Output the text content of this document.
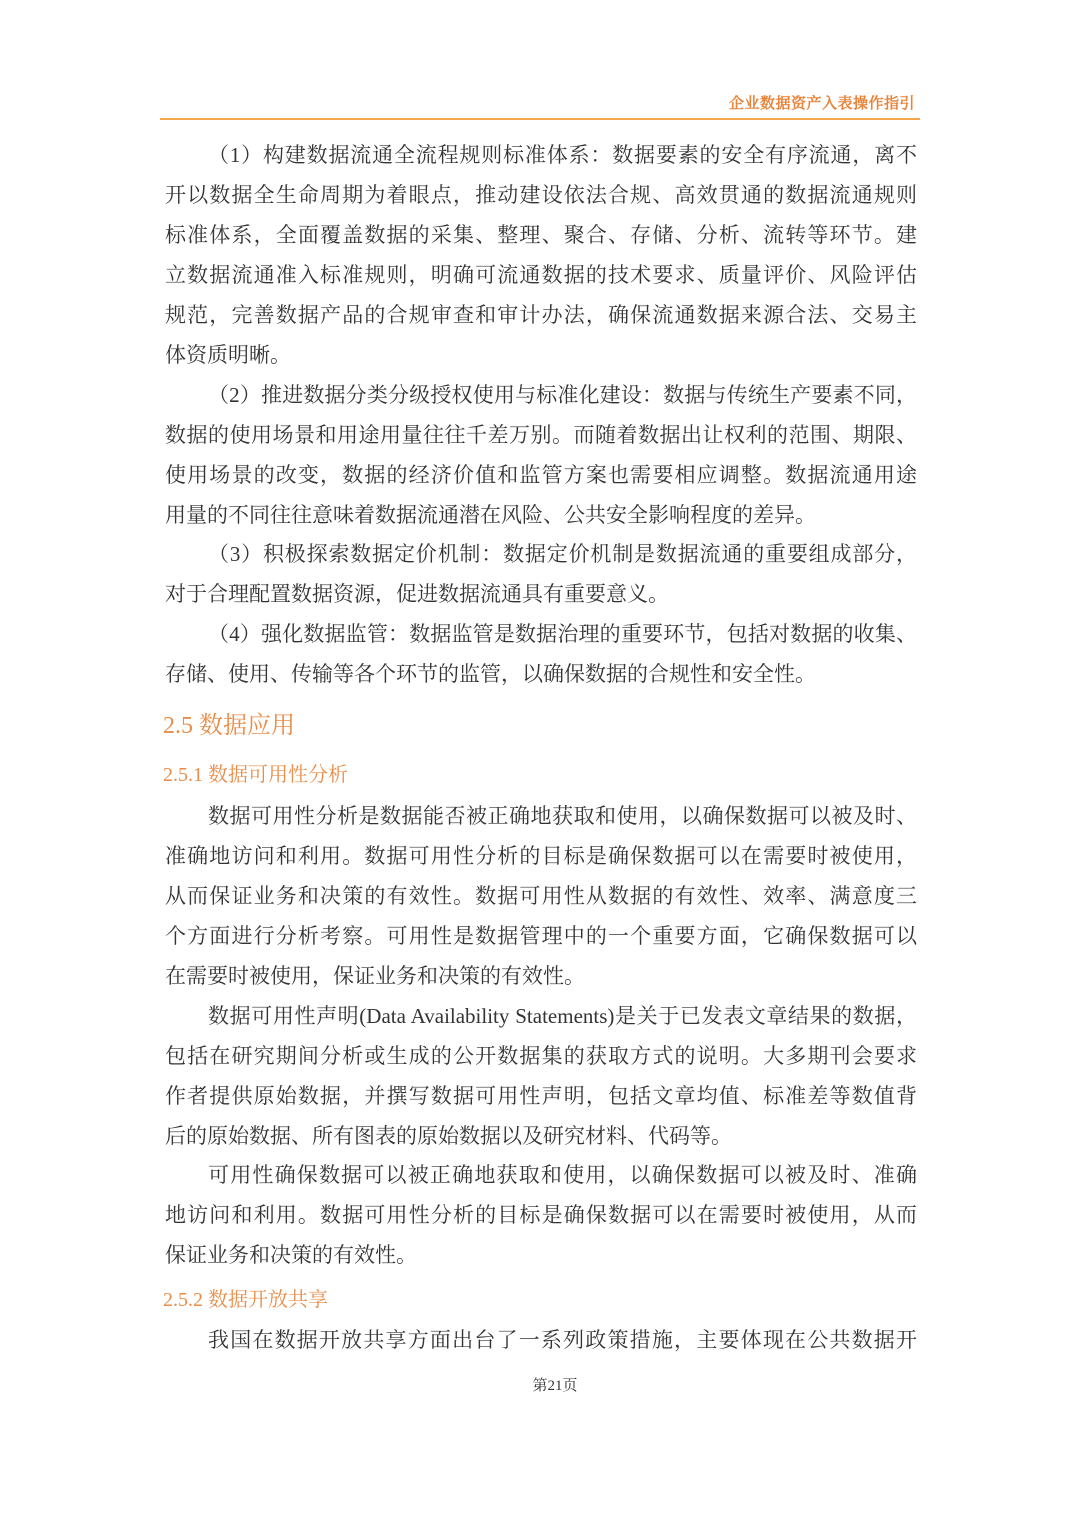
企业数据资产入表操作指引
（1）构建数据流通全流程规则标准体系：数据要素的安全有序流通，离不
开以数据全生命周期为着眼点，推动建设依法合规、高效贯通的数据流通规则
标准体系，全面覆盖数据的采集、整理、聚合、存储、分析、流转等环节。建
立数据流通准入标准规则，明确可流通数据的技术要求、质量评价、风险评估
规范，完善数据产品的合规审查和审计办法，确保流通数据来源合法、交易主
体资质明晰。
（2）推进数据分类分级授权使用与标准化建设：数据与传统生产要素不同，
数据的使用场景和用途用量往往千差万别。而随着数据出让权利的范围、期限、
使用场景的改变，数据的经济价值和监管方案也需要相应调整。数据流通用途
用量的不同往往意味着数据流通潜在风险、公共安全影响程度的差异。
（3）积极探索数据定价机制：数据定价机制是数据流通的重要组成部分，
对于合理配置数据资源，促进数据流通具有重要意义。
（4）强化数据监管：数据监管是数据治理的重要环节，包括对数据的收集、
存储、使用、传输等各个环节的监管，以确保数据的合规性和安全性。
数据可用性分析是数据能否被正确地获取和使用，以确保数据可以被及时、
准确地访问和利用。数据可用性分析的目标是确保数据可以在需要时被使用，
从而保证业务和决策的有效性。数据可用性从数据的有效性、效率、满意度三
个方面进行分析考察。可用性是数据管理中的一个重要方面，它确保数据可以
在需要时被使用，保证业务和决策的有效性。
数据可用性声明(Data Availability Statements)是关于已发表文章结果的数据，
包括在研究期间分析或生成的公开数据集的获取方式的说明。大多期刊会要求
作者提供原始数据，并撰写数据可用性声明，包括文章均值、标准差等数值背
后的原始数据、所有图表的原始数据以及研究材料、代码等。
可用性确保数据可以被正确地获取和使用，以确保数据可以被及时、准确
地访问和利用。数据可用性分析的目标是确保数据可以在需要时被使用，从而
保证业务和决策的有效性。
我国在数据开放共享方面出台了一系列政策措施，主要体现在公共数据开
2.5 数据应用
2.5.1 数据可用性分析
2.5.2 数据开放共享
第21页
